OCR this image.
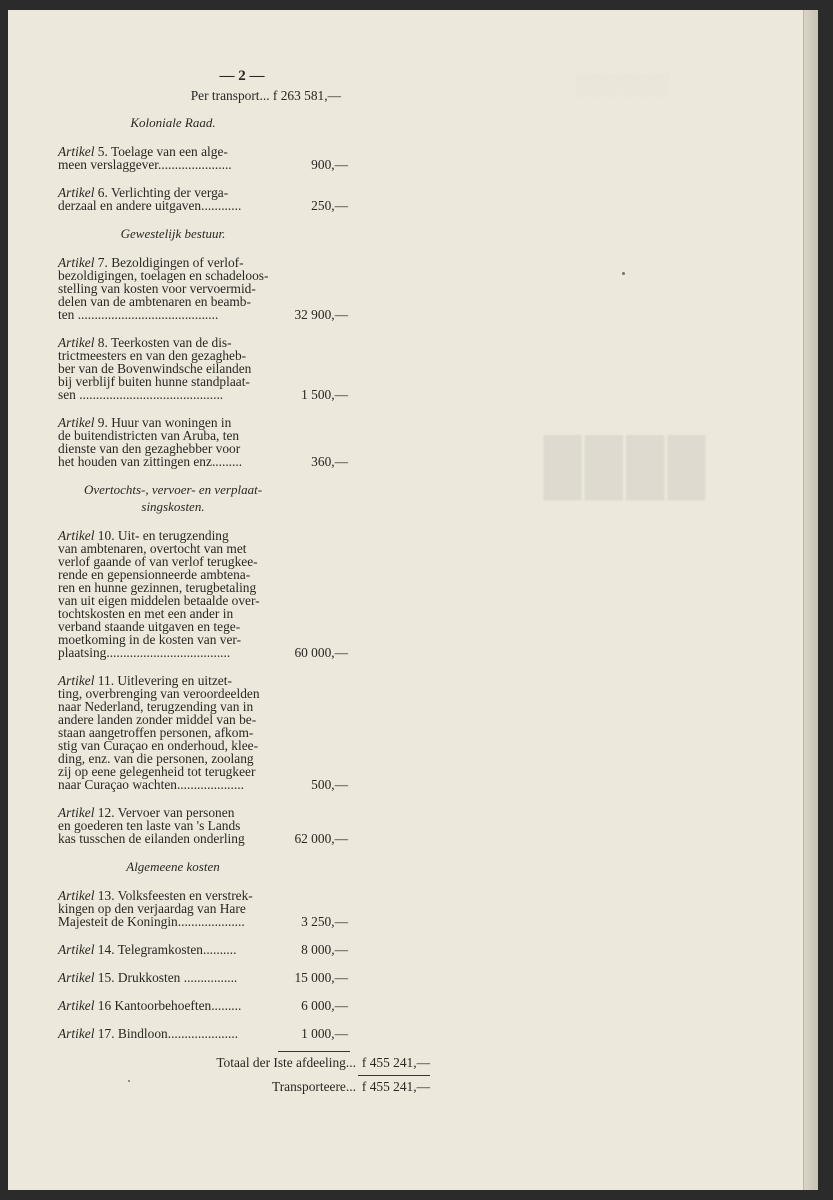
░░░░░░
████
— 2 —
Per transport...
f 263 581,—
Koloniale Raad.
Artikel 5. Toelage van een alge-
meen verslaggever......................	900,—
Artikel 6. Verlichting der verga-
derzaal en andere uitgaven............	250,—
Gewestelijk bestuur.
Artikel 7. Bezoldigingen of verlof-
bezoldigingen, toelagen en schadeloos-
stelling van kosten voor vervoermid-
delen van de ambtenaren en beamb-
ten ..........................................	32 900,—
Artikel 8. Teerkosten van de dis-
trictmeesters en van den gezagheb-
ber van de Bovenwindsche eilanden
bij verblijf buiten hunne standplaat-
sen ...........................................	1 500,—
Artikel 9. Huur van woningen in
de buitendistricten van Aruba, ten
dienste van den gezaghebber voor
het houden van zittingen enz.........	360,—
Overtochts-, vervoer- en verplaat-
singskosten.
Artikel 10. Uit- en terugzending
van ambtenaren, overtocht van met
verlof gaande of van verlof terugkee-
rende en gepensionneerde ambtena-
ren en hunne gezinnen, terugbetaling
van uit eigen middelen betaalde over-
tochtskosten en met een ander in
verband staande uitgaven en tege-
moetkoming in de kosten van ver-
plaatsing.....................................	60 000,—
Artikel 11. Uitlevering en uitzet-
ting, overbrenging van veroordeelden
naar Nederland, terugzending van in
andere landen zonder middel van be-
staan aangetroffen personen, afkom-
stig van Curaçao en onderhoud, klee-
ding, enz. van die personen, zoolang
zij op eene gelegenheid tot terugkeer
naar Curaçao wachten....................	500,—
Artikel 12. Vervoer van personen
en goederen ten laste van 's Lands
kas tusschen de eilanden onderling	62 000,—
Algemeene kosten
Artikel 13. Volksfeesten en verstrek-
kingen op den verjaardag van Hare
Majesteit de Koningin....................	3 250,—
Artikel 14. Telegramkosten..........	8 000,—
Artikel 15. Drukkosten ................	15 000,—
Artikel 16 Kantoorbehoeften.........	6 000,—
Artikel 17. Bindloon.....................	1 000,—
Totaal der Iste afdeeling... f 455 241,—
Transporteere... f 455 241,—
